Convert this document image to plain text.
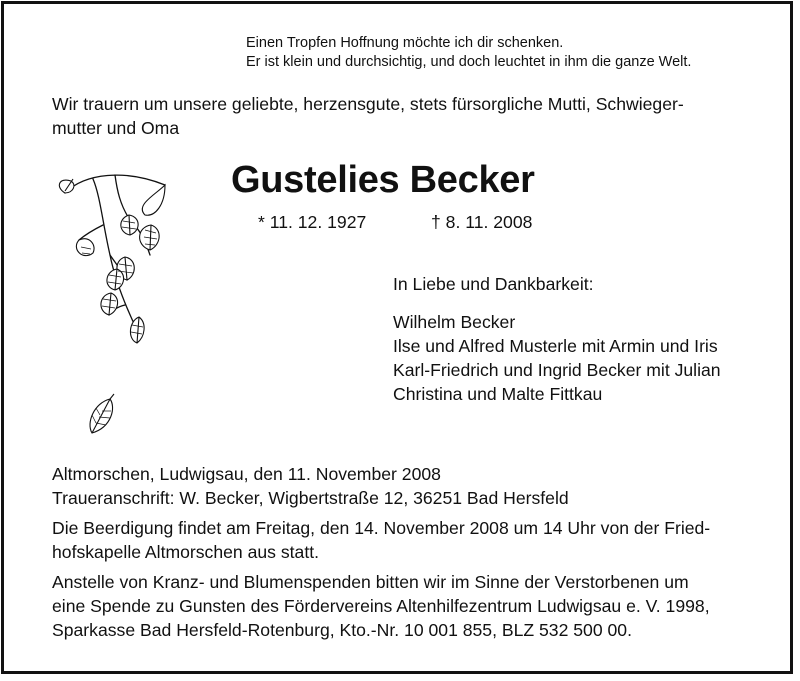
Einen Tropfen Hoffnung möchte ich dir schenken.
Er ist klein und durchsichtig, und doch leuchtet in ihm die ganze Welt.
Wir trauern um unsere geliebte, herzensgute, stets fürsorgliche Mutti, Schwieger-
mutter und Oma
Gustelies Becker
* 11. 12. 1927	† 8. 11. 2008
In Liebe und Dankbarkeit:
Wilhelm Becker
Ilse und Alfred Musterle mit Armin und Iris
Karl-Friedrich und Ingrid Becker mit Julian
Christina und Malte Fittkau
Altmorschen, Ludwigsau, den 11. November 2008
Traueranschrift: W. Becker, Wigbertstraße 12, 36251 Bad Hersfeld
Die Beerdigung findet am Freitag, den 14. November 2008 um 14 Uhr von der Fried-
hofskapelle Altmorschen aus statt.
Anstelle von Kranz- und Blumenspenden bitten wir im Sinne der Verstorbenen um
eine Spende zu Gunsten des Fördervereins Altenhilfezentrum Ludwigsau e. V. 1998,
Sparkasse Bad Hersfeld-Rotenburg, Kto.-Nr. 10 001 855, BLZ 532 500 00.
